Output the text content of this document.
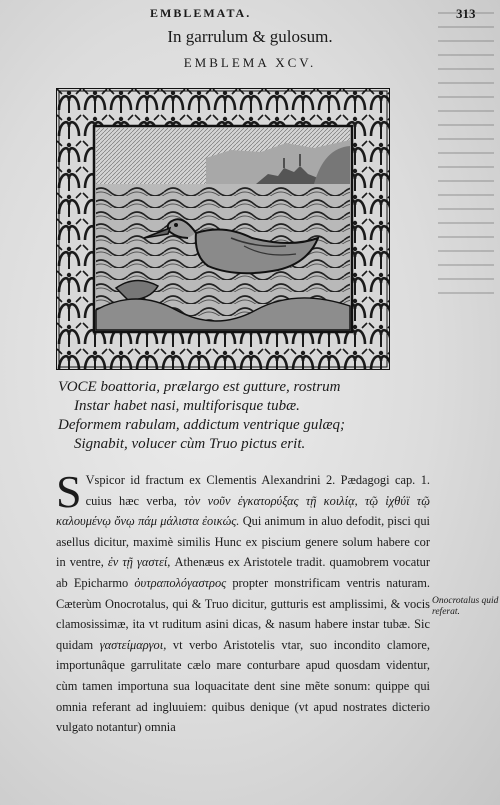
EMBLEMATA.	313
In garrulum & gulosum.
EMBLEMA XCV.
VOCE boattoria, prælargo est gutture, rostrum
Instar habet nasi, multiforisque tubæ.
Deformem rabulam, addictum ventrique gulæq;
Signabit, volucer cùm Truo pictus erit.
S Vspicor id fractum ex Clementis Alexandrini 2. Pædagogi cap. 1. cuius hæc verba, τὸν νοῦν ἐγκατορύξας τῇ κοιλίᾳ, τῷ ἰχθύϊ τῷ καλουμένῳ ὄνῳ πάμ μάλιστα ἐοικώς. Qui animum in aluo defodit, pisci qui asellus dicitur, maximè similis Hunc ex piscium genere solum habere cor in ventre, ἐν τῇ γαστεί, Athenæus ex Aristotele tradit. quamobrem vocatur ab Epicharmo ὀυτραπολόγαστρος propter monstrificam ventris naturam. Cæterùm Onocrotalus, qui & Truo dicitur, gutturis est amplissimi, & vocis clamosissimæ, ita vt ruditum asini dicas, & nasum habere instar tubæ. Sic quidam γαστείμαργοι, vt verbo Aristotelis vtar, suo incondito clamore, importunâque garrulitate cælo mare conturbare apud quosdam videntur, cùm tamen importuna sua loquacitate dent sine mẽte sonum: quippe qui omnia referant ad ingluuiem: quibus denique (vt apud nostrates dicterio vulgato notantur) omnia
Onocrotalus quid referat.
